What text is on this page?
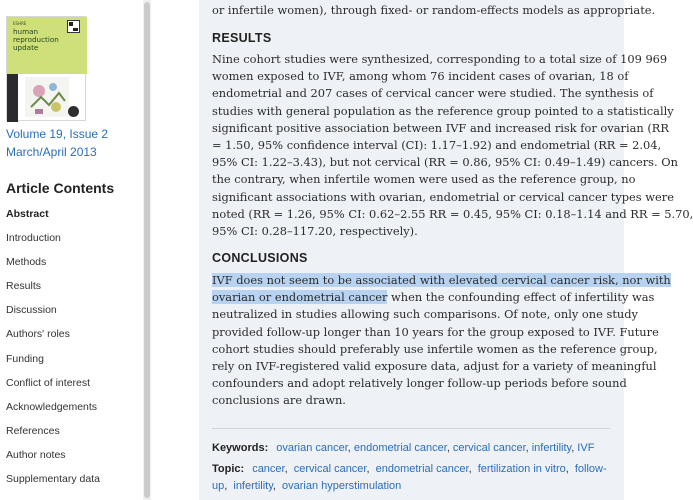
ESHRE
human
reproduction
update
Volume 19, Issue 2
March/April 2013
Article Contents
Abstract
Introduction
Methods
Results
Discussion
Authors' roles
Funding
Conflict of interest
Acknowledgements
References
Author notes
Supplementary data
or infertile women), through fixed- or random-effects models as appropriate.
RESULTS
Nine cohort studies were synthesized, corresponding to a total size of 109 969
women exposed to IVF, among whom 76 incident cases of ovarian, 18 of
endometrial and 207 cases of cervical cancer were studied. The synthesis of
studies with general population as the reference group pointed to a statistically
significant positive association between IVF and increased risk for ovarian (RR
= 1.50, 95% confidence interval (CI): 1.17–1.92) and endometrial (RR = 2.04,
95% CI: 1.22–3.43), but not cervical (RR = 0.86, 95% CI: 0.49–1.49) cancers. On
the contrary, when infertile women were used as the reference group, no
significant associations with ovarian, endometrial or cervical cancer types were
noted (RR = 1.26, 95% CI: 0.62–2.55 RR = 0.45, 95% CI: 0.18–1.14 and RR = 5.70,
95% CI: 0.28–117.20, respectively).
CONCLUSIONS
IVF does not seem to be associated with elevated cervical cancer risk, nor with
ovarian or endometrial cancer when the confounding effect of infertility was
neutralized in studies allowing such comparisons. Of note, only one study
provided follow-up longer than 10 years for the group exposed to IVF. Future
cohort studies should preferably use infertile women as the reference group,
rely on IVF-registered valid exposure data, adjust for a variety of meaningful
confounders and adopt relatively longer follow-up periods before sound
conclusions are drawn.
Keywords: ovarian cancer, endometrial cancer, cervical cancer, infertility, IVF
Topic: cancer, cervical cancer, endometrial cancer, fertilization in vitro, follow-up, infertility, ovarian hyperstimulation
